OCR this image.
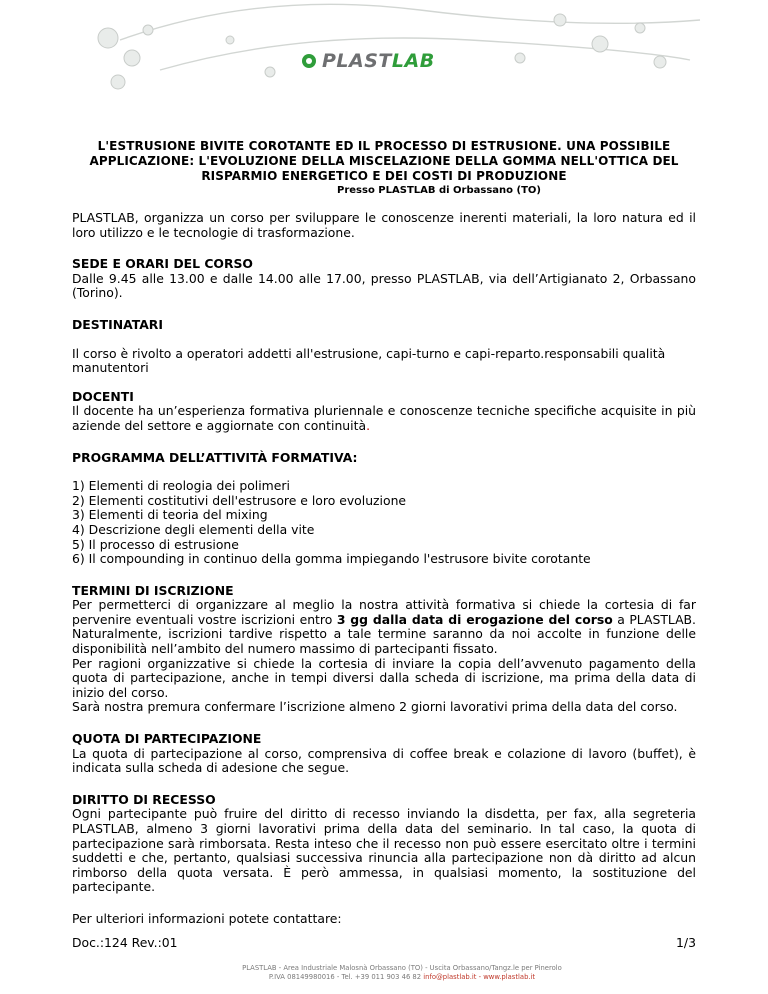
PLASTLAB

L'ESTRUSIONE BIVITE COROTANTE ED IL PROCESSO DI ESTRUSIONE. UNA POSSIBILE APPLICAZIONE: L'EVOLUZIONE DELLA MISCELAZIONE DELLA GOMMA NELL'OTTICA DEL RISPARMIO ENERGETICO E DEI COSTI DI PRODUZIONE

Presso PLASTLAB di Orbassano (TO)

PLASTLAB, organizza un corso per sviluppare le conoscenze inerenti materiali, la loro natura ed il loro utilizzo e le tecnologie di trasformazione.

SEDE E ORARI DEL CORSO

Dalle 9.45 alle 13.00 e dalle 14.00 alle 17.00, presso PLASTLAB, via dell’Artigianato 2, Orbassano (Torino).

DESTINATARI

Il corso è rivolto a operatori addetti all'estrusione, capi-turno e capi-reparto.responsabili qualità manutentori

DOCENTI

Il docente ha un’esperienza formativa pluriennale e conoscenze tecniche specifiche acquisite in più aziende del settore e aggiornate con continuità.

PROGRAMMA DELL’ATTIVITÀ FORMATIVA:

1) Elementi di reologia dei polimeri
2) Elementi costitutivi dell'estrusore e loro evoluzione
3) Elementi di teoria del mixing
4) Descrizione degli elementi della vite
5) Il processo di estrusione
6) Il compounding in continuo della gomma impiegando l'estrusore bivite corotante

TERMINI DI ISCRIZIONE

Per permetterci di organizzare al meglio la nostra attività formativa si chiede la cortesia di far pervenire eventuali vostre iscrizioni entro 3 gg dalla data di erogazione del corso a PLASTLAB. Naturalmente, iscrizioni tardive rispetto a tale termine saranno da noi accolte in funzione delle disponibilità nell’ambito del numero massimo di partecipanti fissato.

Per ragioni organizzative si chiede la cortesia di inviare la copia dell’avvenuto pagamento della quota di partecipazione, anche in tempi diversi dalla scheda di iscrizione, ma prima della data di inizio del corso.

Sarà nostra premura confermare l’iscrizione almeno 2 giorni lavorativi prima della data del corso.

QUOTA DI PARTECIPAZIONE

La quota di partecipazione al corso, comprensiva di coffee break e colazione di lavoro (buffet), è indicata sulla scheda di adesione che segue.

DIRITTO DI RECESSO

Ogni partecipante può fruire del diritto di recesso inviando la disdetta, per fax, alla segreteria PLASTLAB, almeno 3 giorni lavorativi prima della data del seminario. In tal caso, la quota di partecipazione sarà rimborsata. Resta inteso che il recesso non può essere esercitato oltre i termini suddetti e che, pertanto, qualsiasi successiva rinuncia alla partecipazione non dà diritto ad alcun rimborso della quota versata. È però ammessa, in qualsiasi momento, la sostituzione del partecipante.

Per ulteriori informazioni potete contattare:

Doc.:124 Rev.:01	1/3
PLASTLAB - Area Industriale Malosnà Orbassano (TO) - Uscita Orbassano/Tangz.le per Pinerolo
P.IVA 08149980016 - Tel. +39 011 903 46 82 info@plastlab.it - www.plastlab.it
